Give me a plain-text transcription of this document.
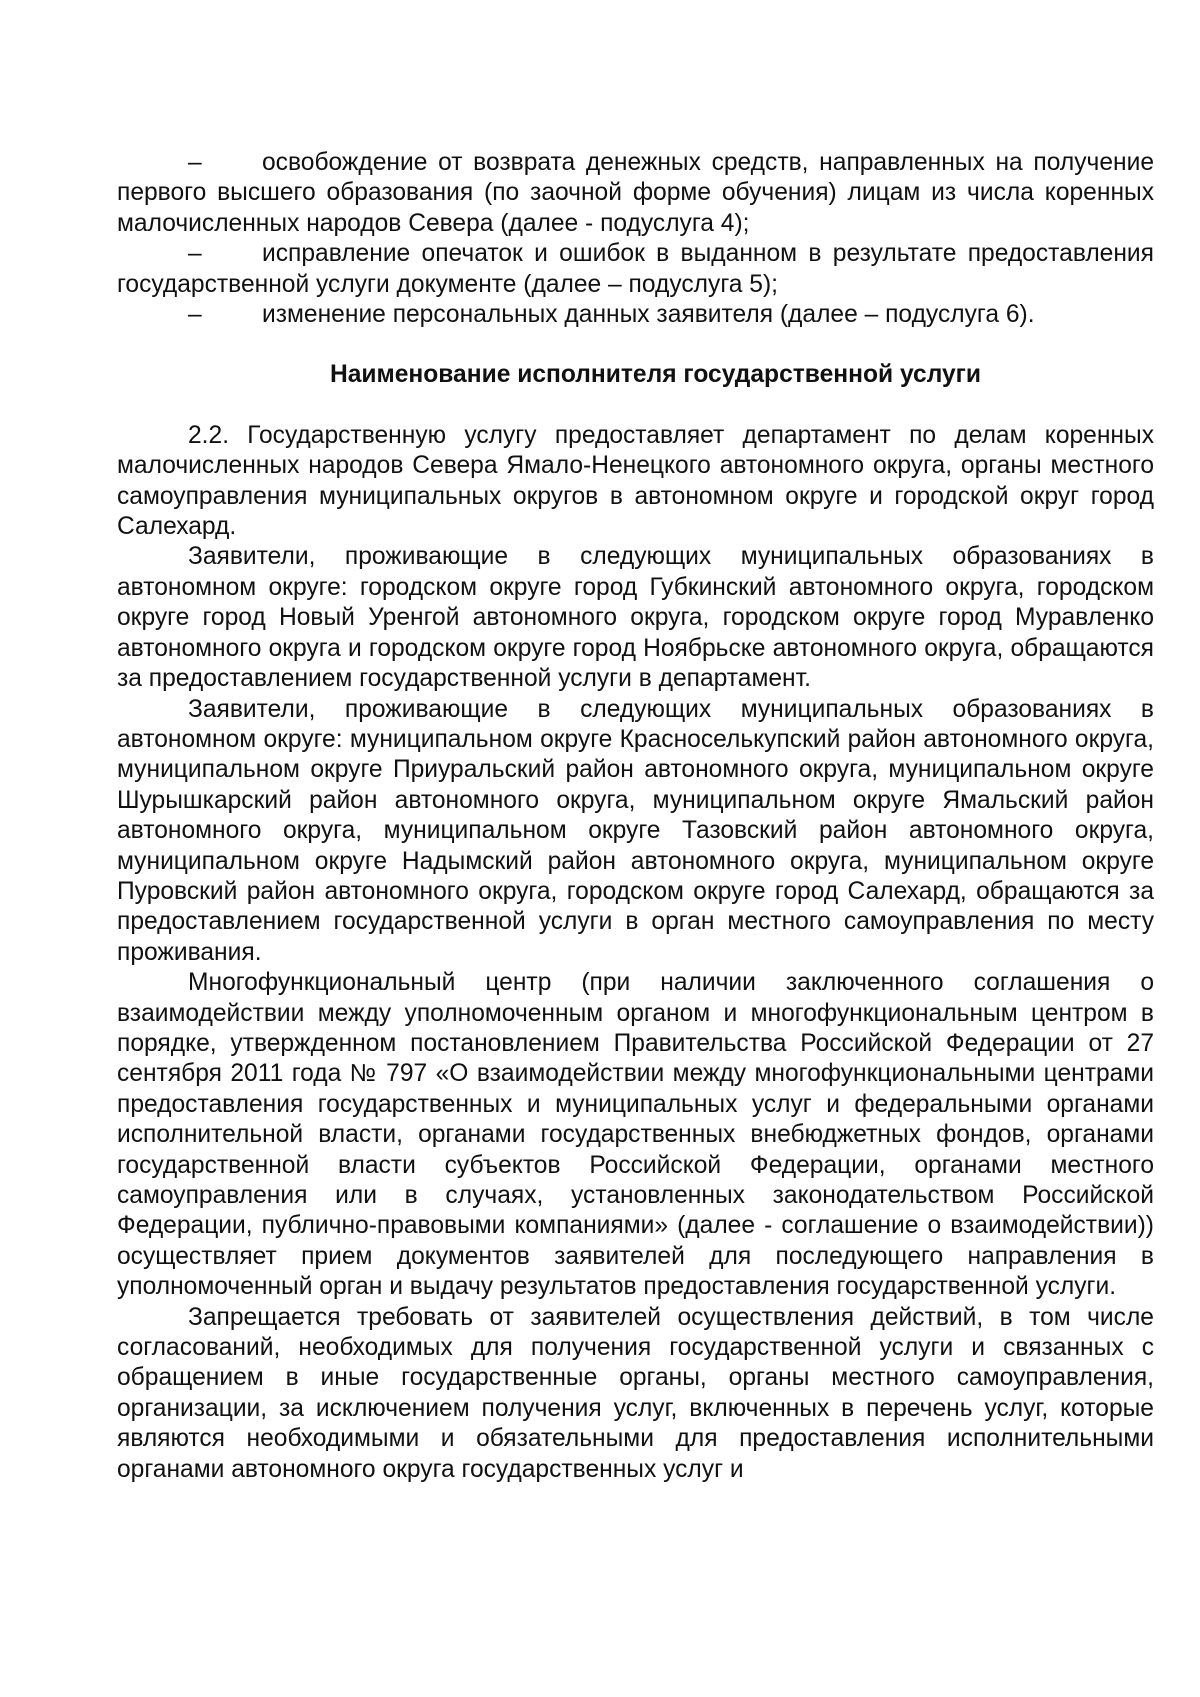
– освобождение от возврата денежных средств, направленных на получение первого высшего образования (по заочной форме обучения) лицам из числа коренных малочисленных народов Севера (далее - подуслуга 4);

– исправление опечаток и ошибок в выданном в результате предоставления государственной услуги документе (далее – подуслуга 5);

– изменение персональных данных заявителя (далее – подуслуга 6).

Наименование исполнителя государственной услуги

2.2. Государственную услугу предоставляет департамент по делам коренных малочисленных народов Севера Ямало-Ненецкого автономного округа, органы местного самоуправления муниципальных округов в автономном округе и городской округ город Салехард.

Заявители, проживающие в следующих муниципальных образованиях в автономном округе: городском округе город Губкинский автономного округа, городском округе город Новый Уренгой автономного округа, городском округе город Муравленко автономного округа и городском округе город Ноябрьске автономного округа, обращаются за предоставлением государственной услуги в департамент.

Заявители, проживающие в следующих муниципальных образованиях в автономном округе: муниципальном округе Красноселькупский район автономного округа, муниципальном округе Приуральский район автономного округа, муниципальном округе Шурышкарский район автономного округа, муниципальном округе Ямальский район автономного округа, муниципальном округе Тазовский район автономного округа, муниципальном округе Надымский район автономного округа, муниципальном округе Пуровский район автономного округа, городском округе город Салехард, обращаются за предоставлением государственной услуги в орган местного самоуправления по месту проживания.

Многофункциональный центр (при наличии заключенного соглашения о взаимодействии между уполномоченным органом и многофункциональным центром в порядке, утвержденном постановлением Правительства Российской Федерации от 27 сентября 2011 года № 797 «О взаимодействии между многофункциональными центрами предоставления государственных и муниципальных услуг и федеральными органами исполнительной власти, органами государственных внебюджетных фондов, органами государственной власти субъектов Российской Федерации, органами местного самоуправления или в случаях, установленных законодательством Российской Федерации, публично-правовыми компаниями» (далее - соглашение о взаимодействии)) осуществляет прием документов заявителей для последующего направления в уполномоченный орган и выдачу результатов предоставления государственной услуги.

Запрещается требовать от заявителей осуществления действий, в том числе согласований, необходимых для получения государственной услуги и связанных с обращением в иные государственные органы, органы местного самоуправления, организации, за исключением получения услуг, включенных в перечень услуг, которые являются необходимыми и обязательными для предоставления исполнительными органами автономного округа государственных услуг и
